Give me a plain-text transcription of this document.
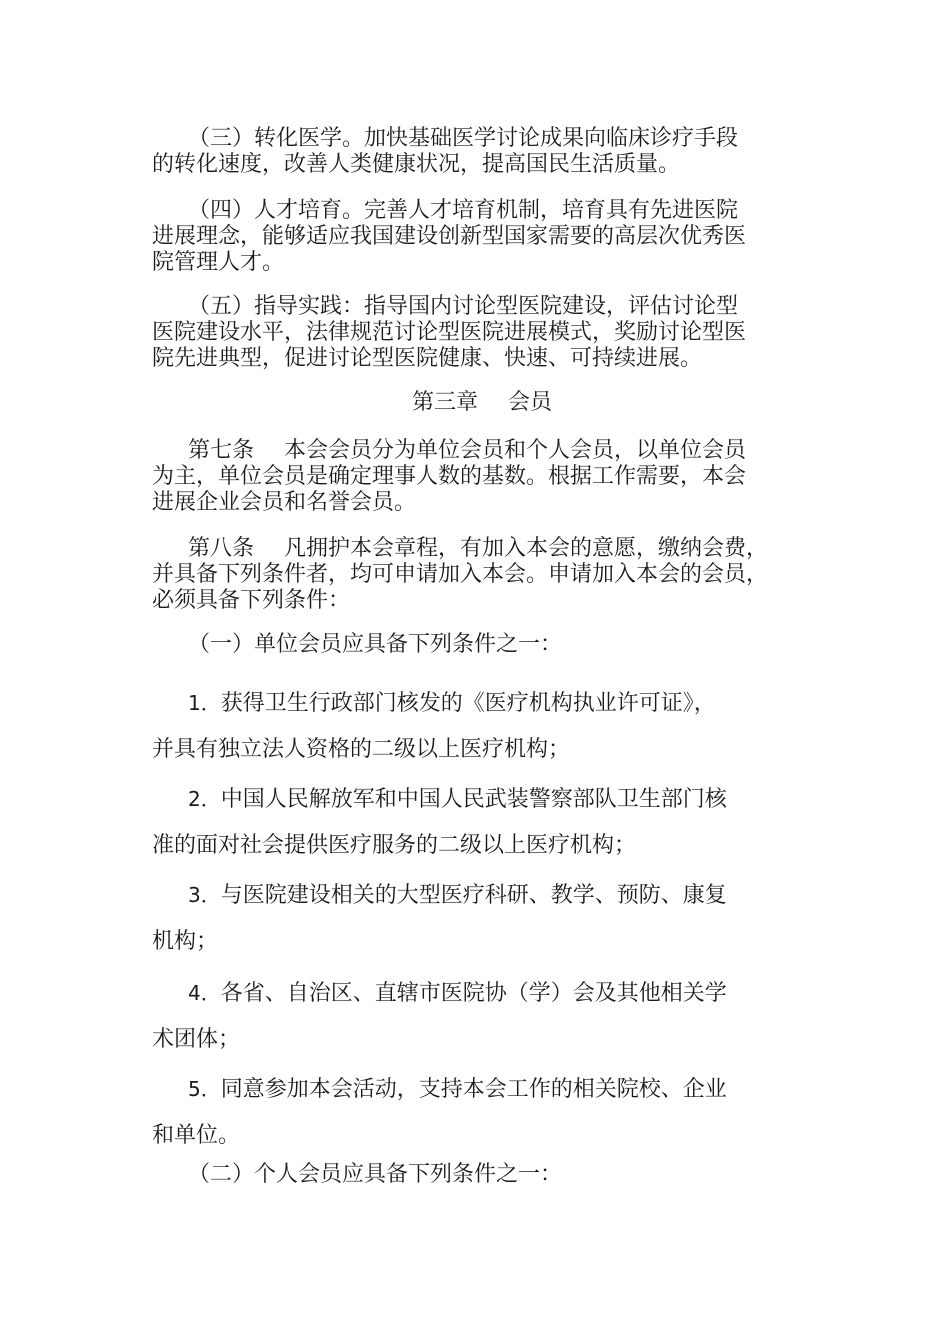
（三）转化医学。加快基础医学讨论成果向临床诊疗手段
的转化速度，改善人类健康状况，提高国民生活质量。

（四）人才培育。完善人才培育机制，培育具有先进医院
进展理念，能够适应我国建设创新型国家需要的高层次优秀医
院管理人才。

（五）指导实践：指导国内讨论型医院建设，评估讨论型
医院建设水平，法律规范讨论型医院进展模式，奖励讨论型医
院先进典型，促进讨论型医院健康、快速、可持续进展。

第三章 会员

第七条 本会会员分为单位会员和个人会员，以单位会员
为主，单位会员是确定理事人数的基数。根据工作需要，本会
进展企业会员和名誉会员。

第八条 凡拥护本会章程，有加入本会的意愿，缴纳会费，
并具备下列条件者，均可申请加入本会。申请加入本会的会员，
必须具备下列条件：

（一）单位会员应具备下列条件之一：

1．获得卫生行政部门核发的《医疗机构执业许可证》，
并具有独立法人资格的二级以上医疗机构；

2．中国人民解放军和中国人民武装警察部队卫生部门核
准的面对社会提供医疗服务的二级以上医疗机构；

3．与医院建设相关的大型医疗科研、教学、预防、康复
机构；

4．各省、自治区、直辖市医院协（学）会及其他相关学
术团体；

5．同意参加本会活动，支持本会工作的相关院校、企业
和单位。

（二）个人会员应具备下列条件之一：
